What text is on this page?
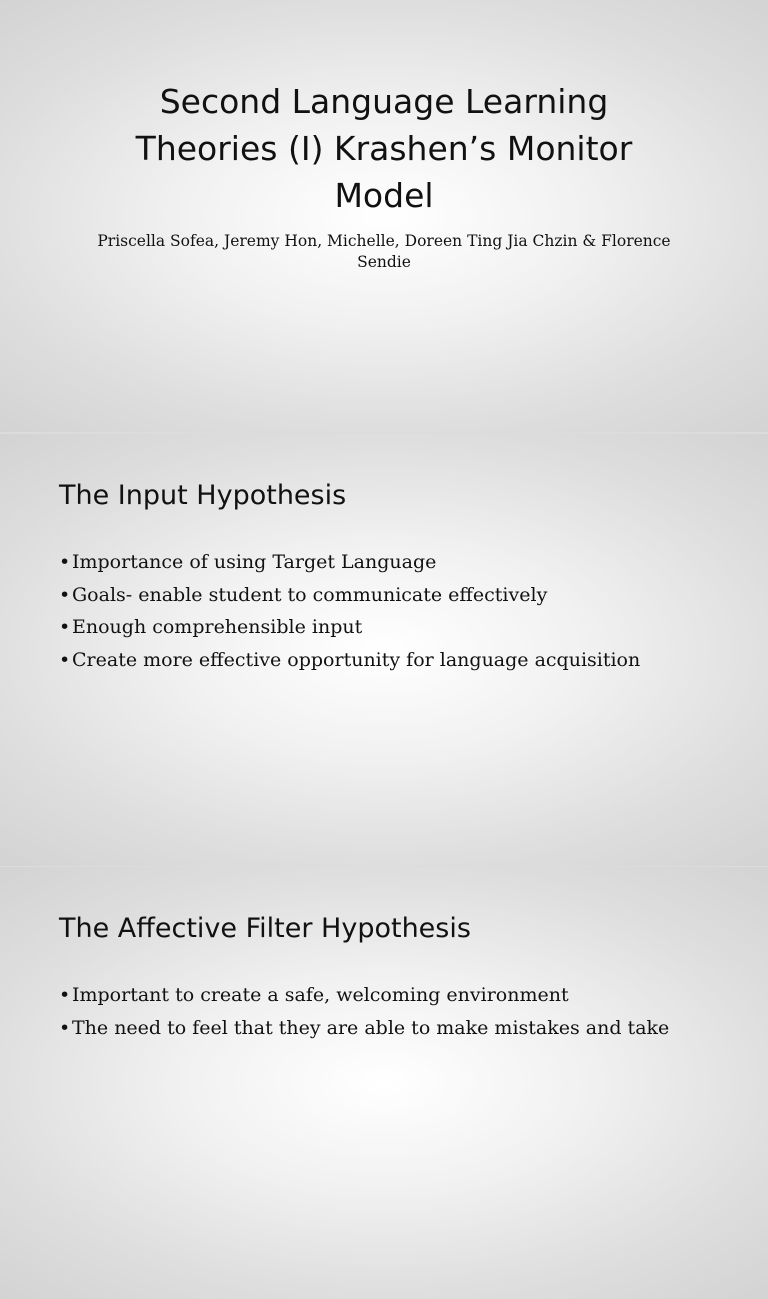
Second Language Learning Theories (I) Krashen’s Monitor Model
Priscella Sofea, Jeremy Hon, Michelle, Doreen Ting Jia Chzin & Florence Sendie
The Input Hypothesis
•Importance of using Target Language
•Goals- enable student to communicate effectively
•Enough comprehensible input
•Create more effective opportunity for language acquisition
The Affective Filter Hypothesis
•Important to create a safe, welcoming environment
•The need to feel that they are able to make mistakes and take
